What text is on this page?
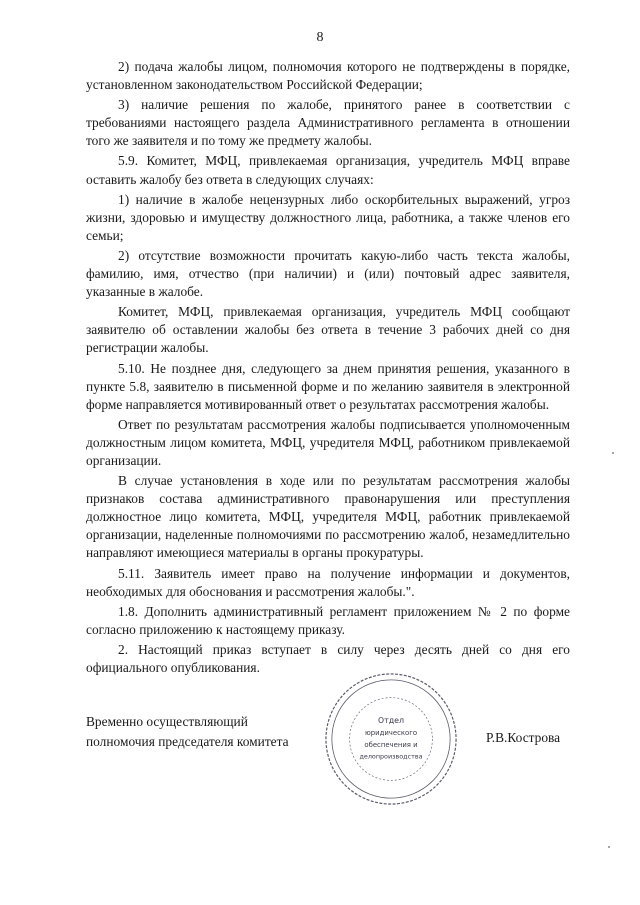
8

2) подача жалобы лицом, полномочия которого не подтверждены в порядке, установленном законодательством Российской Федерации;

3) наличие решения по жалобе, принятого ранее в соответствии с требованиями настоящего раздела Административного регламента в отношении того же заявителя и по тому же предмету жалобы.

5.9. Комитет, МФЦ, привлекаемая организация, учредитель МФЦ вправе оставить жалобу без ответа в следующих случаях:

1) наличие в жалобе нецензурных либо оскорбительных выражений, угроз жизни, здоровью и имуществу должностного лица, работника, а также членов его семьи;

2) отсутствие возможности прочитать какую-либо часть текста жалобы, фамилию, имя, отчество (при наличии) и (или) почтовый адрес заявителя, указанные в жалобе.

Комитет, МФЦ, привлекаемая организация, учредитель МФЦ сообщают заявителю об оставлении жалобы без ответа в течение 3 рабочих дней со дня регистрации жалобы.

5.10. Не позднее дня, следующего за днем принятия решения, указанного в пункте 5.8, заявителю в письменной форме и по желанию заявителя в электронной форме направляется мотивированный ответ о результатах рассмотрения жалобы.

Ответ по результатам рассмотрения жалобы подписывается уполномоченным должностным лицом комитета, МФЦ, учредителя МФЦ, работником привлекаемой организации.

В случае установления в ходе или по результатам рассмотрения жалобы признаков состава административного правонарушения или преступления должностное лицо комитета, МФЦ, учредителя МФЦ, работник привлекаемой организации, наделенные полномочиями по рассмотрению жалоб, незамедлительно направляют имеющиеся материалы в органы прокуратуры.

5.11. Заявитель имеет право на получение информации и документов, необходимых для обоснования и рассмотрения жалобы.".

1.8. Дополнить административный регламент приложением № 2 по форме согласно приложению к настоящему приказу.

2. Настоящий приказ вступает в силу через десять дней со дня его официального опубликования.

Отдел
юридического
обеспечения и
делопроизводства
Временно осуществляющий
полномочия председателя комитета	Р.В.Кострова
